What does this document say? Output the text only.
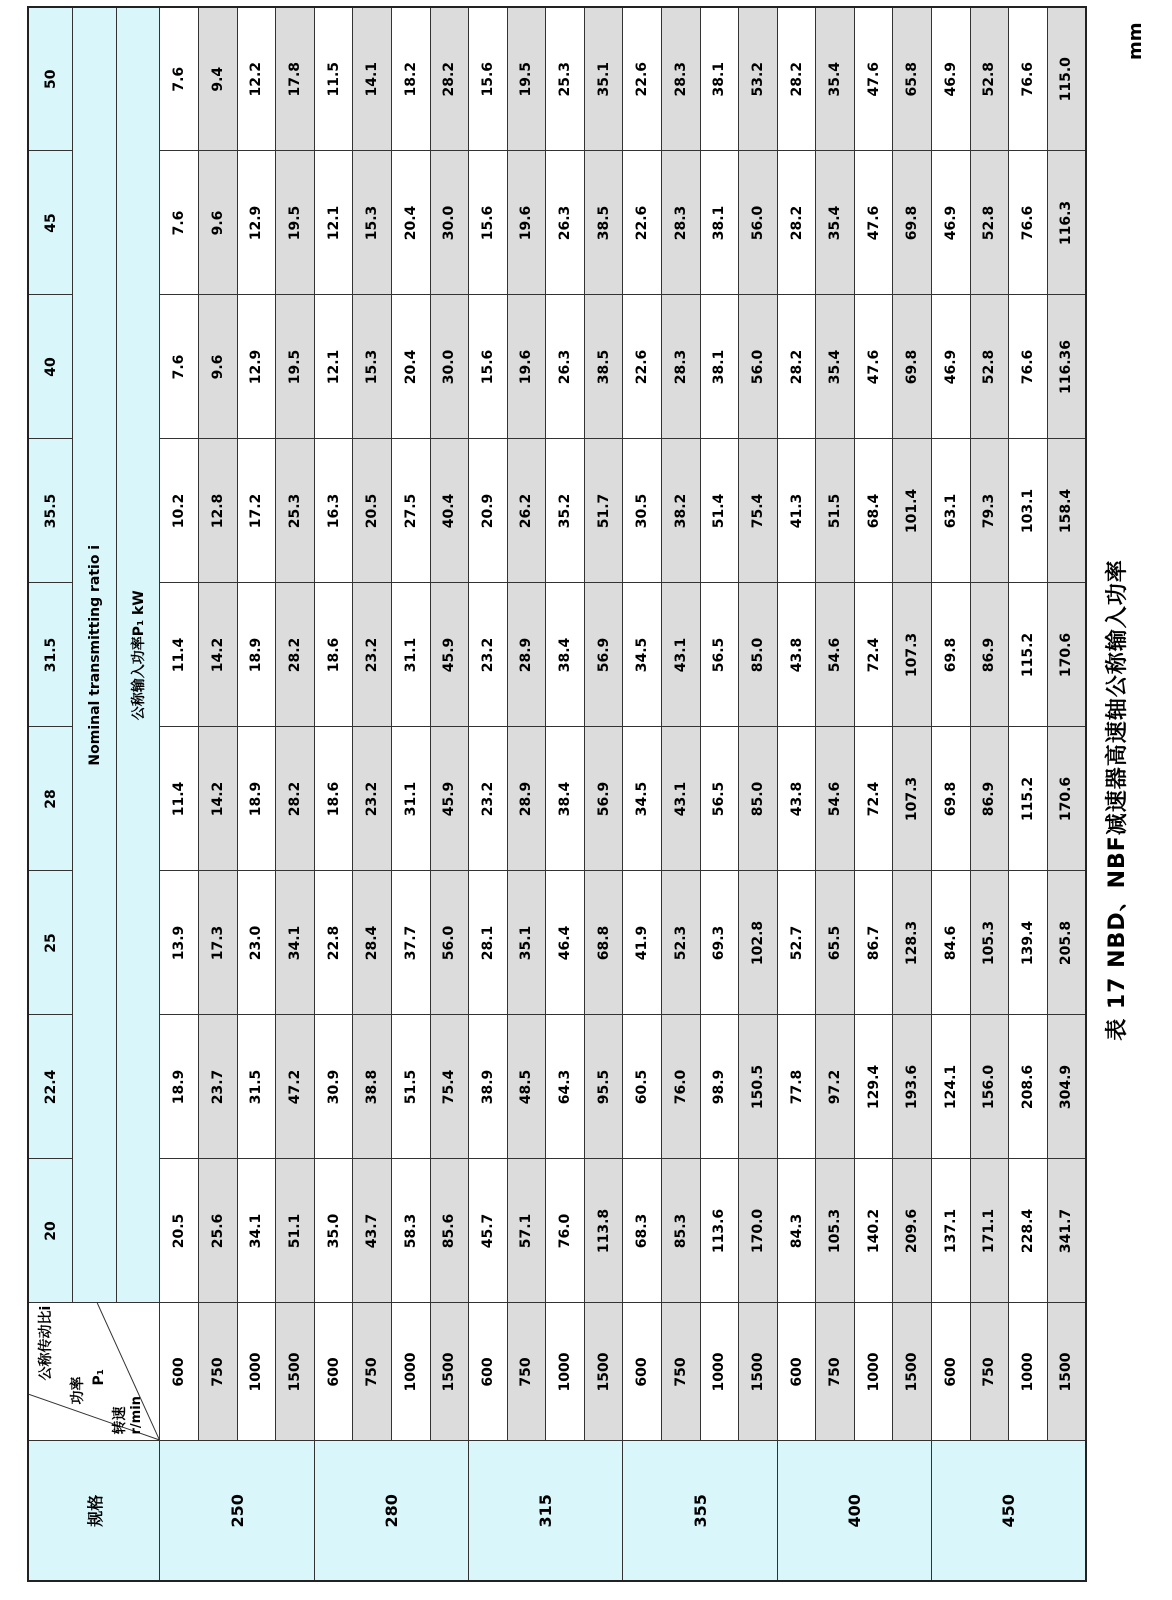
表 17 NBD、NBF减速器高速轴公称输入功率
mm
规格	公称传动比i
功率 P₁
转速 r/min	20	22.4	25	28	31.5	35.5	40	45	50
		Nominal transmitting ratio i								
		公称输入功率P₁ kW								
250	600	20.5	18.9	13.9	11.4	11.4	10.2	7.6	7.6	7.6
	750	25.6	23.7	17.3	14.2	14.2	12.8	9.6	9.6	9.4
	1000	34.1	31.5	23.0	18.9	18.9	17.2	12.9	12.9	12.2
	1500	51.1	47.2	34.1	28.2	28.2	25.3	19.5	19.5	17.8
280	600	35.0	30.9	22.8	18.6	18.6	16.3	12.1	12.1	11.5
	750	43.7	38.8	28.4	23.2	23.2	20.5	15.3	15.3	14.1
	1000	58.3	51.5	37.7	31.1	31.1	27.5	20.4	20.4	18.2
	1500	85.6	75.4	56.0	45.9	45.9	40.4	30.0	30.0	28.2
315	600	45.7	38.9	28.1	23.2	23.2	20.9	15.6	15.6	15.6
	750	57.1	48.5	35.1	28.9	28.9	26.2	19.6	19.6	19.5
	1000	76.0	64.3	46.4	38.4	38.4	35.2	26.3	26.3	25.3
	1500	113.8	95.5	68.8	56.9	56.9	51.7	38.5	38.5	35.1
355	600	68.3	60.5	41.9	34.5	34.5	30.5	22.6	22.6	22.6
	750	85.3	76.0	52.3	43.1	43.1	38.2	28.3	28.3	28.3
	1000	113.6	98.9	69.3	56.5	56.5	51.4	38.1	38.1	38.1
	1500	170.0	150.5	102.8	85.0	85.0	75.4	56.0	56.0	53.2
400	600	84.3	77.8	52.7	43.8	43.8	41.3	28.2	28.2	28.2
	750	105.3	97.2	65.5	54.6	54.6	51.5	35.4	35.4	35.4
	1000	140.2	129.4	86.7	72.4	72.4	68.4	47.6	47.6	47.6
	1500	209.6	193.6	128.3	107.3	107.3	101.4	69.8	69.8	65.8
450	600	137.1	124.1	84.6	69.8	69.8	63.1	46.9	46.9	46.9
	750	171.1	156.0	105.3	86.9	86.9	79.3	52.8	52.8	52.8
	1000	228.4	208.6	139.4	115.2	115.2	103.1	76.6	76.6	76.6
	1500	341.7	304.9	205.8	170.6	170.6	158.4	116.36	116.3	115.0
